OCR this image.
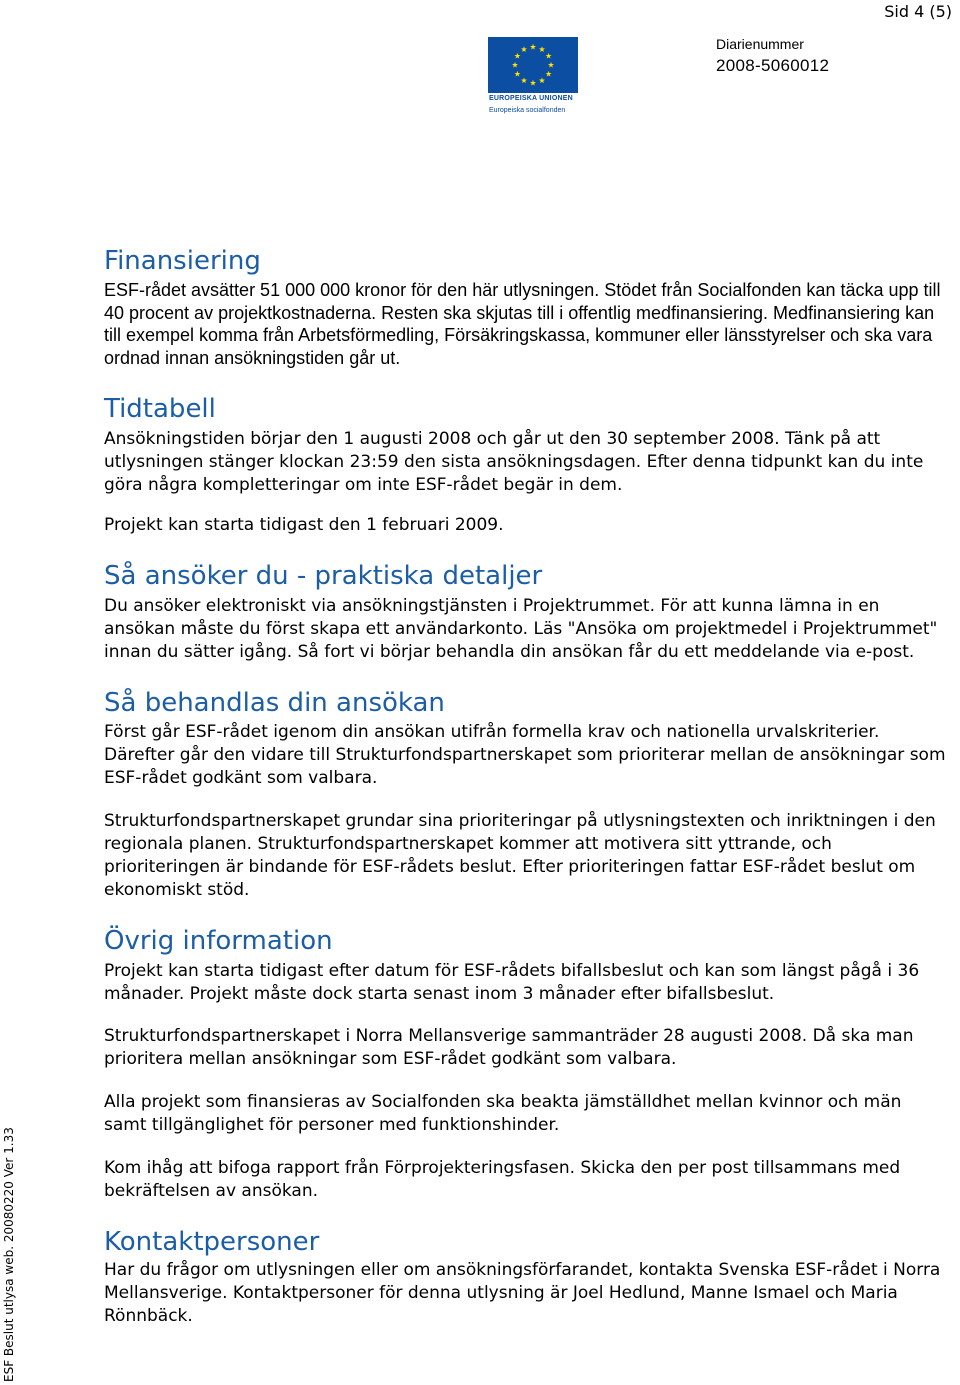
Sid 4 (5)
EUROPEISKA UNIONEN
Europeiska socialfonden
Diarienummer
2008-5060012
Finansiering

ESF-rådet avsätter 51 000 000 kronor för den här utlysningen. Stödet från Socialfonden kan täcka upp till 40 procent av projektkostnaderna. Resten ska skjutas till i offentlig medfinansiering. Medfinansiering kan till exempel komma från Arbetsförmedling, Försäkringskassa, kommuner eller länsstyrelser och ska vara ordnad innan ansökningstiden går ut.

Tidtabell

Ansökningstiden börjar den 1 augusti 2008 och går ut den 30 september 2008. Tänk på att utlysningen stänger klockan 23:59 den sista ansökningsdagen. Efter denna tidpunkt kan du inte göra några kompletteringar om inte ESF-rådet begär in dem.

Projekt kan starta tidigast den 1 februari 2009.

Så ansöker du - praktiska detaljer

Du ansöker elektroniskt via ansökningstjänsten i Projektrummet. För att kunna lämna in en ansökan måste du först skapa ett användarkonto. Läs "Ansöka om projektmedel i Projektrummet" innan du sätter igång. Så fort vi börjar behandla din ansökan får du ett meddelande via e-post.

Så behandlas din ansökan

Först går ESF-rådet igenom din ansökan utifrån formella krav och nationella urvalskriterier. Därefter går den vidare till Strukturfondspartnerskapet som prioriterar mellan de ansökningar som ESF-rådet godkänt som valbara.

Strukturfondspartnerskapet grundar sina prioriteringar på utlysningstexten och inriktningen i den regionala planen. Strukturfondspartnerskapet kommer att motivera sitt yttrande, och prioriteringen är bindande för ESF-rådets beslut. Efter prioriteringen fattar ESF-rådet beslut om ekonomiskt stöd.

Övrig information

Projekt kan starta tidigast efter datum för ESF-rådets bifallsbeslut och kan som längst pågå i 36 månader. Projekt måste dock starta senast inom 3 månader efter bifallsbeslut.

Strukturfondspartnerskapet i Norra Mellansverige sammanträder 28 augusti 2008. Då ska man prioritera mellan ansökningar som ESF-rådet godkänt som valbara.

Alla projekt som finansieras av Socialfonden ska beakta jämställdhet mellan kvinnor och män samt tillgänglighet för personer med funktionshinder.

Kom ihåg att bifoga rapport från Förprojekteringsfasen. Skicka den per post tillsammans med bekräftelsen av ansökan.

Kontaktpersoner

Har du frågor om utlysningen eller om ansökningsförfarandet, kontakta Svenska ESF-rådet i Norra Mellansverige. Kontaktpersoner för denna utlysning är Joel Hedlund, Manne Ismael och Maria Rönnbäck.

ESF Beslut utlysa web. 20080220 Ver 1.33
